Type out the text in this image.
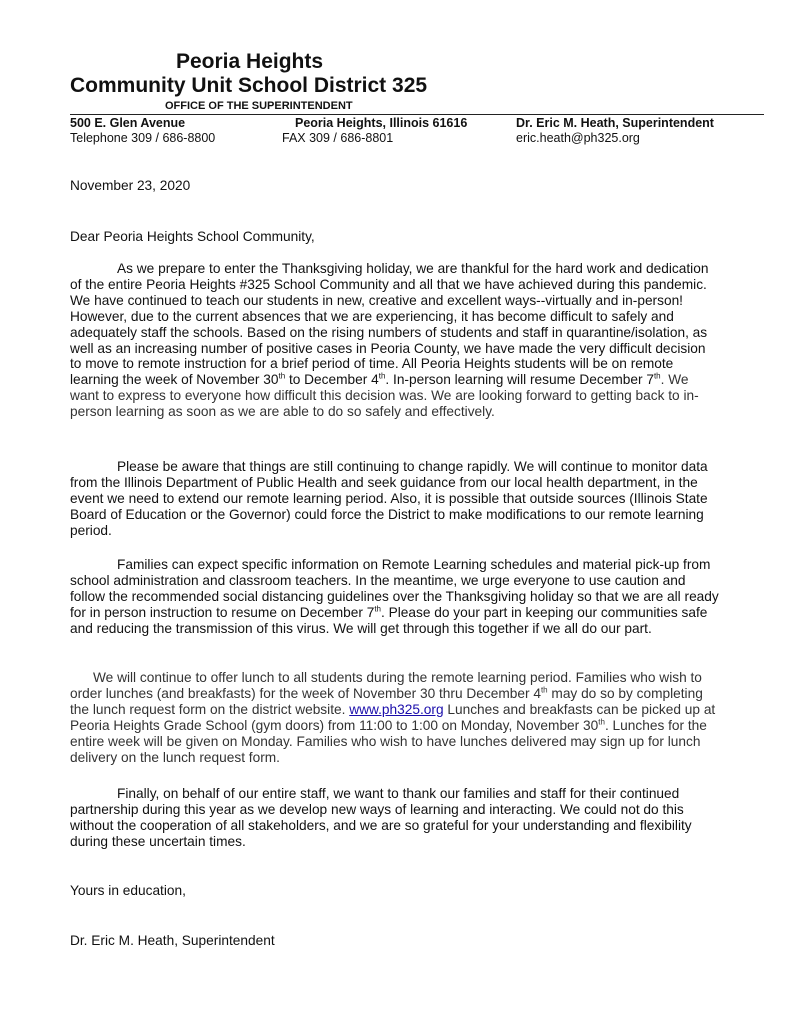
Peoria Heights
Community Unit School District 325
OFFICE OF THE SUPERINTENDENT
500 E. Glen Avenue	Peoria Heights, Illinois 61616	Dr. Eric M. Heath, Superintendent
Telephone 309 / 686-8800	FAX 309 / 686-8801	eric.heath@ph325.org
November 23, 2020
Dear Peoria Heights School Community,

As we prepare to enter the Thanksgiving holiday, we are thankful for the hard work and dedication of the entire Peoria Heights #325 School Community and all that we have achieved during this pandemic. We have continued to teach our students in new, creative and excellent ways--virtually and in-person! However, due to the current absences that we are experiencing, it has become difficult to safely and adequately staff the schools. Based on the rising numbers of students and staff in quarantine/isolation, as well as an increasing number of positive cases in Peoria County, we have made the very difficult decision to move to remote instruction for a brief period of time. All Peoria Heights students will be on remote learning the week of November 30th to December 4th. In-person learning will resume December 7th. We want to express to everyone how difficult this decision was. We are looking forward to getting back to in-person learning as soon as we are able to do so safely and effectively.

Please be aware that things are still continuing to change rapidly. We will continue to monitor data from the Illinois Department of Public Health and seek guidance from our local health department, in the event we need to extend our remote learning period. Also, it is possible that outside sources (Illinois State Board of Education or the Governor) could force the District to make modifications to our remote learning period.

Families can expect specific information on Remote Learning schedules and material pick-up from school administration and classroom teachers. In the meantime, we urge everyone to use caution and follow the recommended social distancing guidelines over the Thanksgiving holiday so that we are all ready for in person instruction to resume on December 7th. Please do your part in keeping our communities safe and reducing the transmission of this virus. We will get through this together if we all do our part.

We will continue to offer lunch to all students during the remote learning period. Families who wish to order lunches (and breakfasts) for the week of November 30 thru December 4th may do so by completing the lunch request form on the district website. www.ph325.org Lunches and breakfasts can be picked up at Peoria Heights Grade School (gym doors) from 11:00 to 1:00 on Monday, November 30th. Lunches for the entire week will be given on Monday. Families who wish to have lunches delivered may sign up for lunch delivery on the lunch request form.

Finally, on behalf of our entire staff, we want to thank our families and staff for their continued partnership during this year as we develop new ways of learning and interacting. We could not do this without the cooperation of all stakeholders, and we are so grateful for your understanding and flexibility during these uncertain times.

Yours in education,
Dr. Eric M. Heath, Superintendent
